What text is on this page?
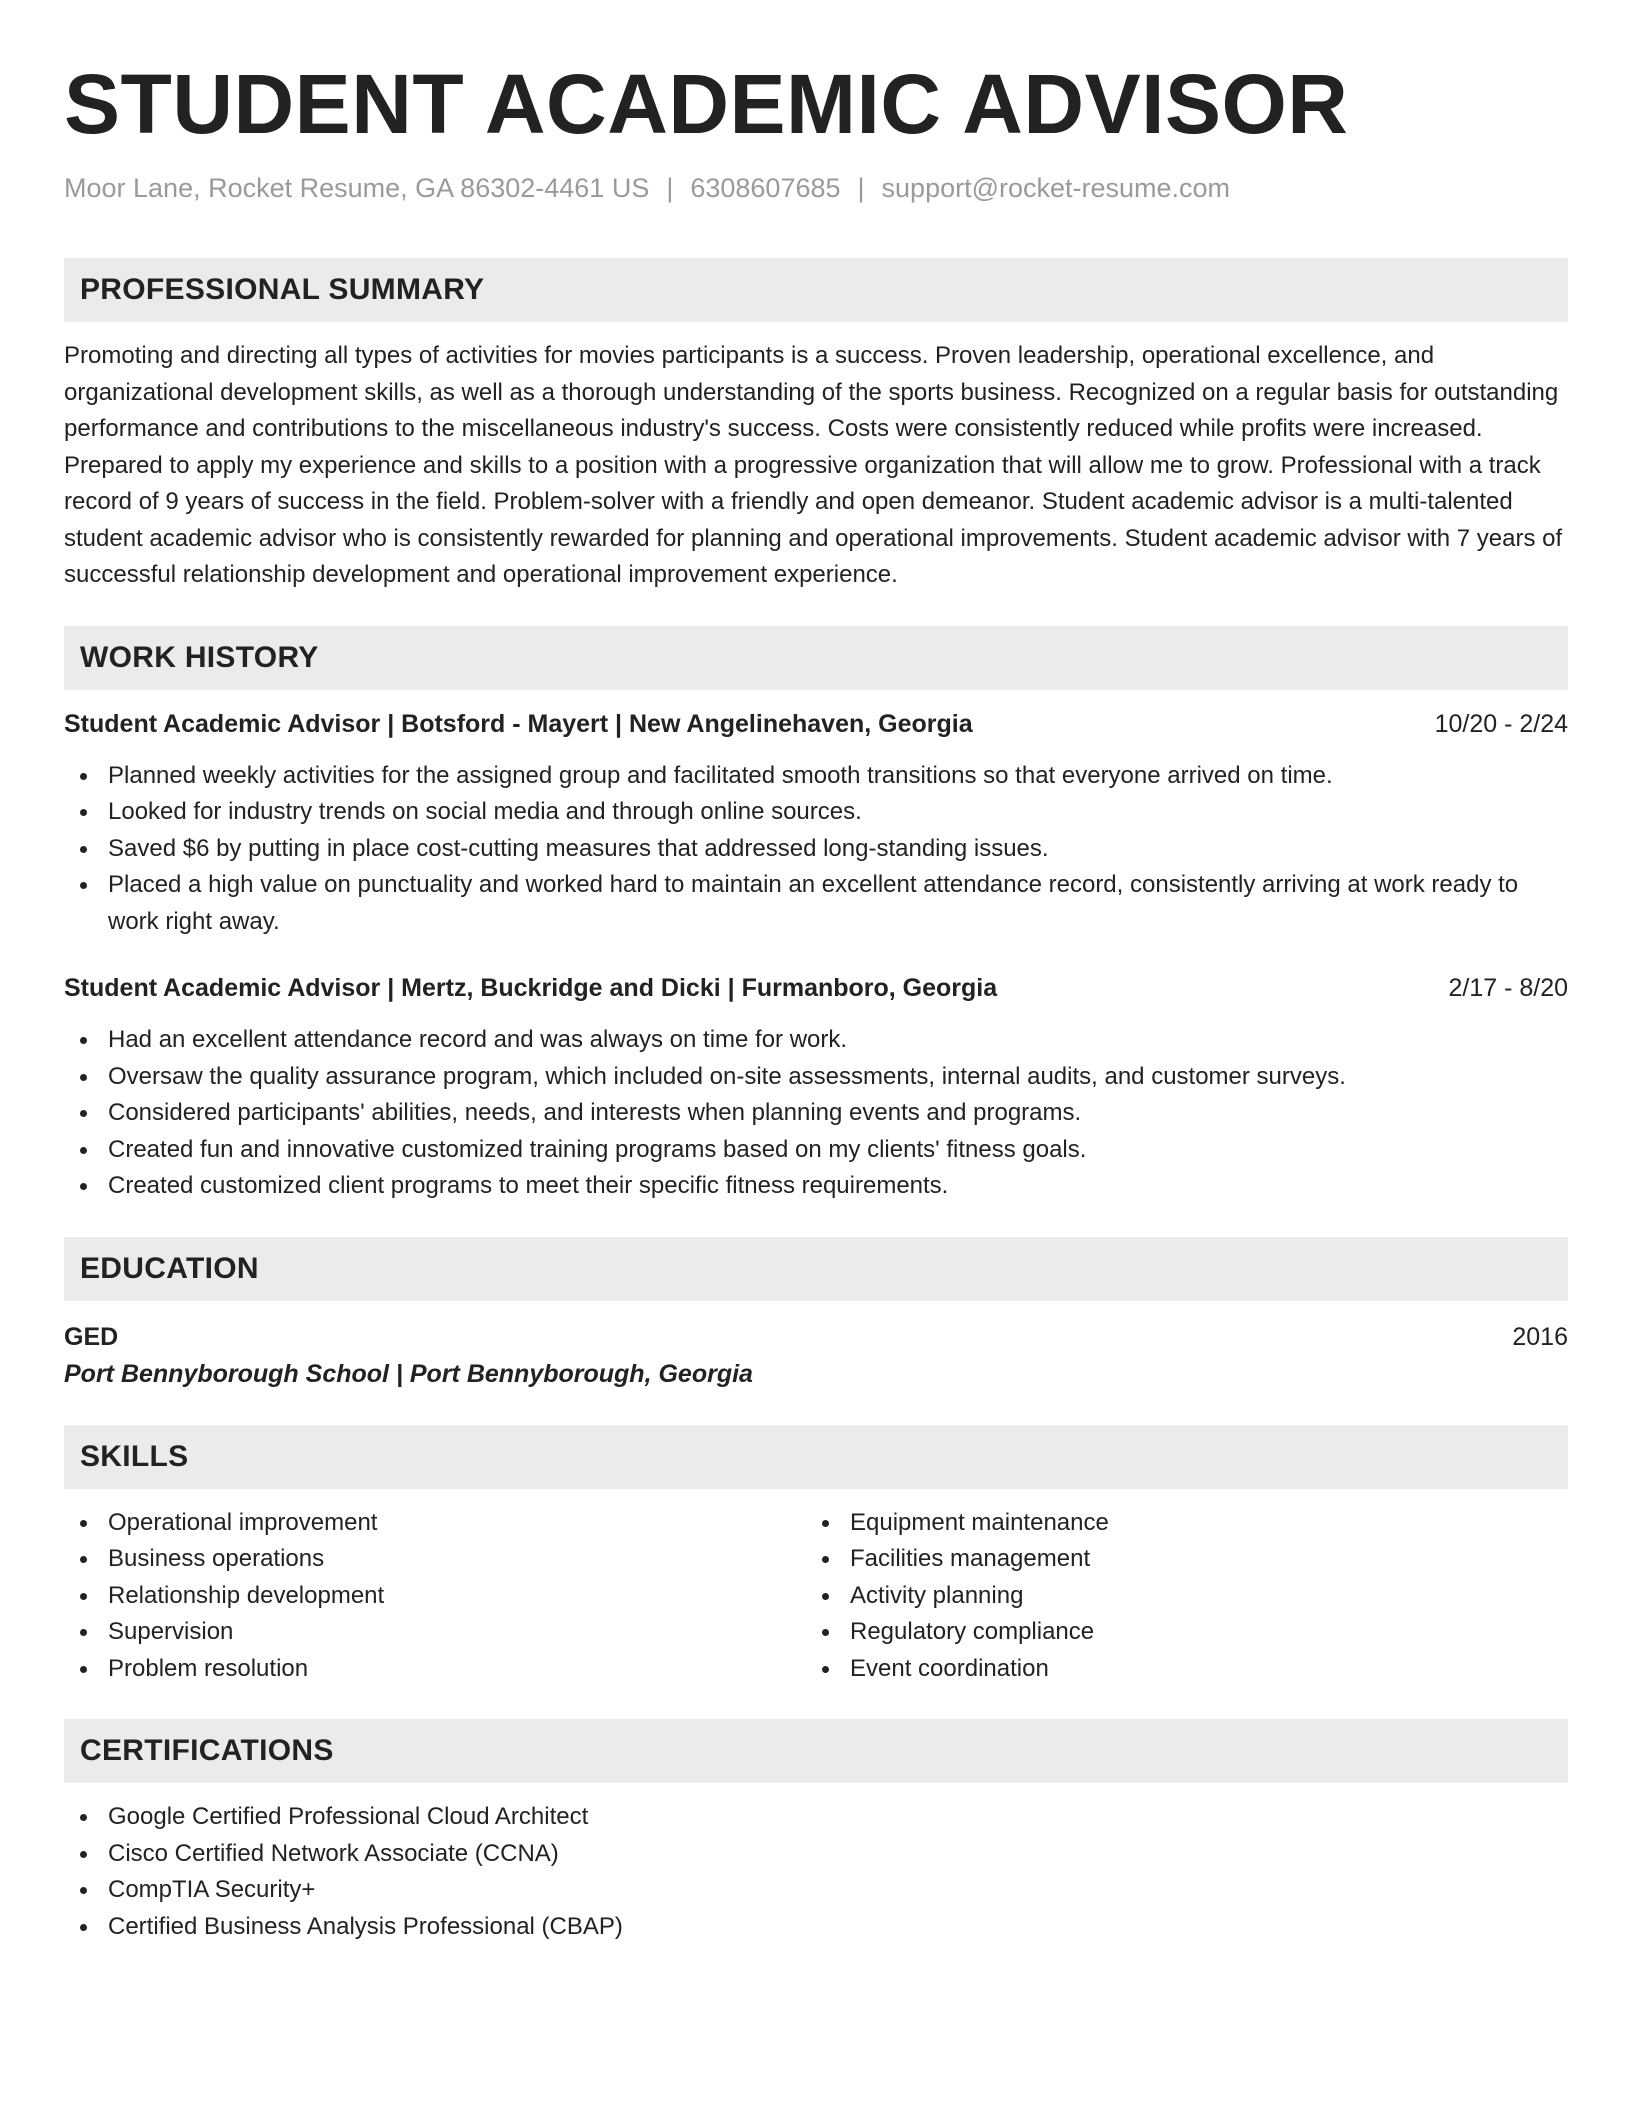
STUDENT ACADEMIC ADVISOR
Moor Lane, Rocket Resume, GA 86302-4461 US | 6308607685 | support@rocket-resume.com
PROFESSIONAL SUMMARY

Promoting and directing all types of activities for movies participants is a success. Proven leadership, operational excellence, and organizational development skills, as well as a thorough understanding of the sports business. Recognized on a regular basis for outstanding performance and contributions to the miscellaneous industry's success. Costs were consistently reduced while profits were increased. Prepared to apply my experience and skills to a position with a progressive organization that will allow me to grow. Professional with a track record of 9 years of success in the field. Problem-solver with a friendly and open demeanor. Student academic advisor is a multi-talented student academic advisor who is consistently rewarded for planning and operational improvements. Student academic advisor with 7 years of successful relationship development and operational improvement experience.

WORK HISTORY
Student Academic Advisor | Botsford - Mayert | New Angelinehaven, Georgia	10/20 - 2/24
Planned weekly activities for the assigned group and facilitated smooth transitions so that everyone arrived on time.
Looked for industry trends on social media and through online sources.
Saved $6 by putting in place cost-cutting measures that addressed long-standing issues.
Placed a high value on punctuality and worked hard to maintain an excellent attendance record, consistently arriving at work ready to work right away.
Student Academic Advisor | Mertz, Buckridge and Dicki | Furmanboro, Georgia	2/17 - 8/20
Had an excellent attendance record and was always on time for work.
Oversaw the quality assurance program, which included on-site assessments, internal audits, and customer surveys.
Considered participants' abilities, needs, and interests when planning events and programs.
Created fun and innovative customized training programs based on my clients' fitness goals.
Created customized client programs to meet their specific fitness requirements.
EDUCATION
GED	2016
Port Bennyborough School | Port Bennyborough, Georgia
SKILLS
Operational improvement
Business operations
Relationship development
Supervision
Problem resolution
Equipment maintenance
Facilities management
Activity planning
Regulatory compliance
Event coordination
CERTIFICATIONS
Google Certified Professional Cloud Architect
Cisco Certified Network Associate (CCNA)
CompTIA Security+
Certified Business Analysis Professional (CBAP)
